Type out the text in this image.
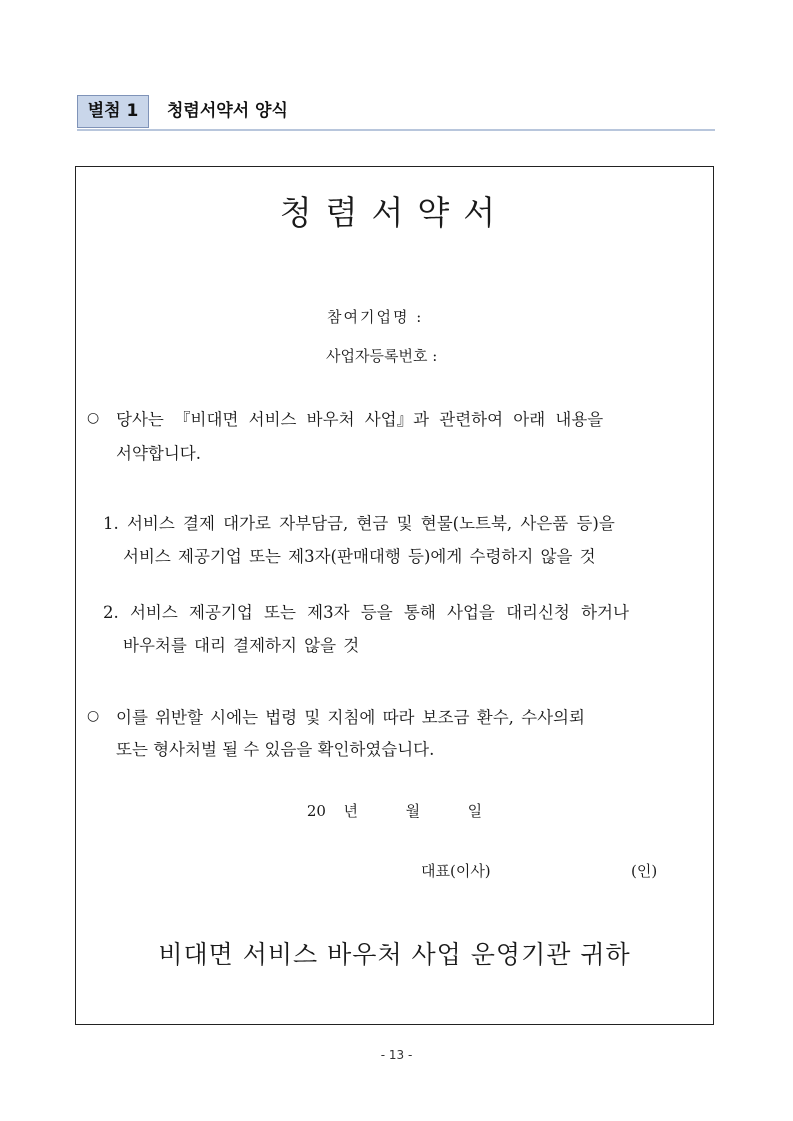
별첨 1	청렴서약서 양식
청렴서약서
참여기업명 :
사업자등록번호 :
○ 당사는 『비대면 서비스 바우처 사업』과 관련하여 아래 내용을
서약합니다.
1. 서비스 결제 대가로 자부담금, 현금 및 현물(노트북, 사은품 등)을
서비스 제공기업 또는 제3자(판매대행 등)에게 수령하지 않을 것
2. 서비스 제공기업 또는 제3자 등을 통해 사업을 대리신청 하거나
바우처를 대리 결제하지 않을 것
○ 이를 위반할 시에는 법령 및 지침에 따라 보조금 환수, 수사의뢰
또는 형사처벌 될 수 있음을 확인하였습니다.
20 년	월	일
대표(이사)	(인)
비대면 서비스 바우처 사업 운영기관 귀하
- 13 -
